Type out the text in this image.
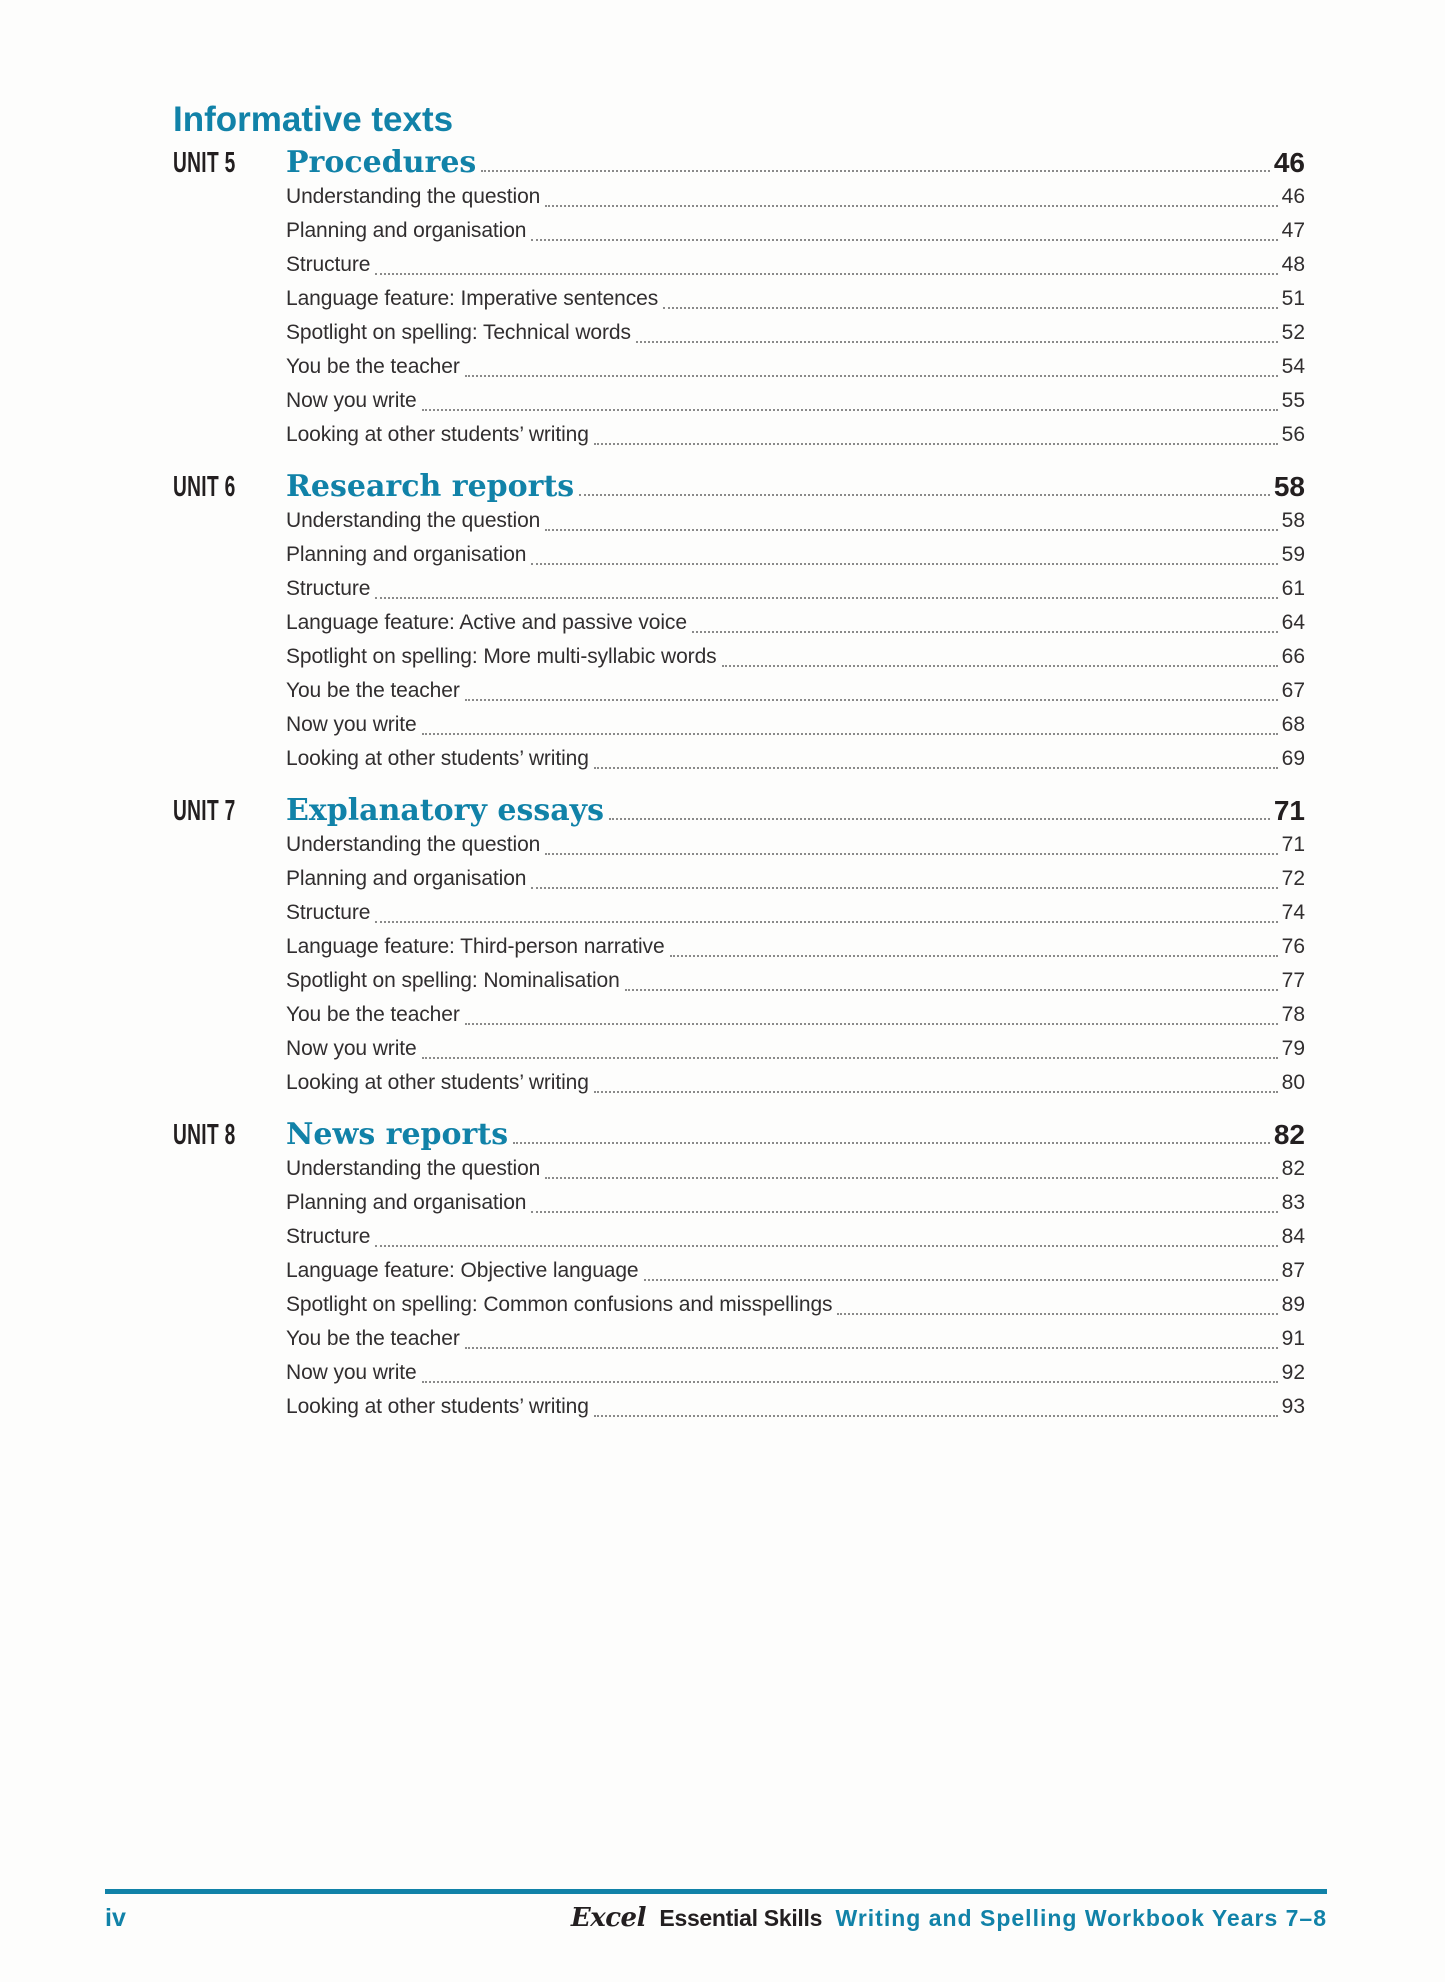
Informative texts
UNIT 5	Procedures	46
Understanding the question	46
Planning and organisation	47
Structure	48
Language feature: Imperative sentences	51
Spotlight on spelling: Technical words	52
You be the teacher	54
Now you write	55
Looking at other students’ writing	56
UNIT 6	Research reports	58
Understanding the question	58
Planning and organisation	59
Structure	61
Language feature: Active and passive voice	64
Spotlight on spelling: More multi-syllabic words	66
You be the teacher	67
Now you write	68
Looking at other students’ writing	69
UNIT 7	Explanatory essays	71
Understanding the question	71
Planning and organisation	72
Structure	74
Language feature: Third-person narrative	76
Spotlight on spelling: Nominalisation	77
You be the teacher	78
Now you write	79
Looking at other students’ writing	80
UNIT 8	News reports	82
Understanding the question	82
Planning and organisation	83
Structure	84
Language feature: Objective language	87
Spotlight on spelling: Common confusions and misspellings	89
You be the teacher	91
Now you write	92
Looking at other students’ writing	93
iv	Excel Essential Skills Writing and Spelling Workbook Years 7–8
